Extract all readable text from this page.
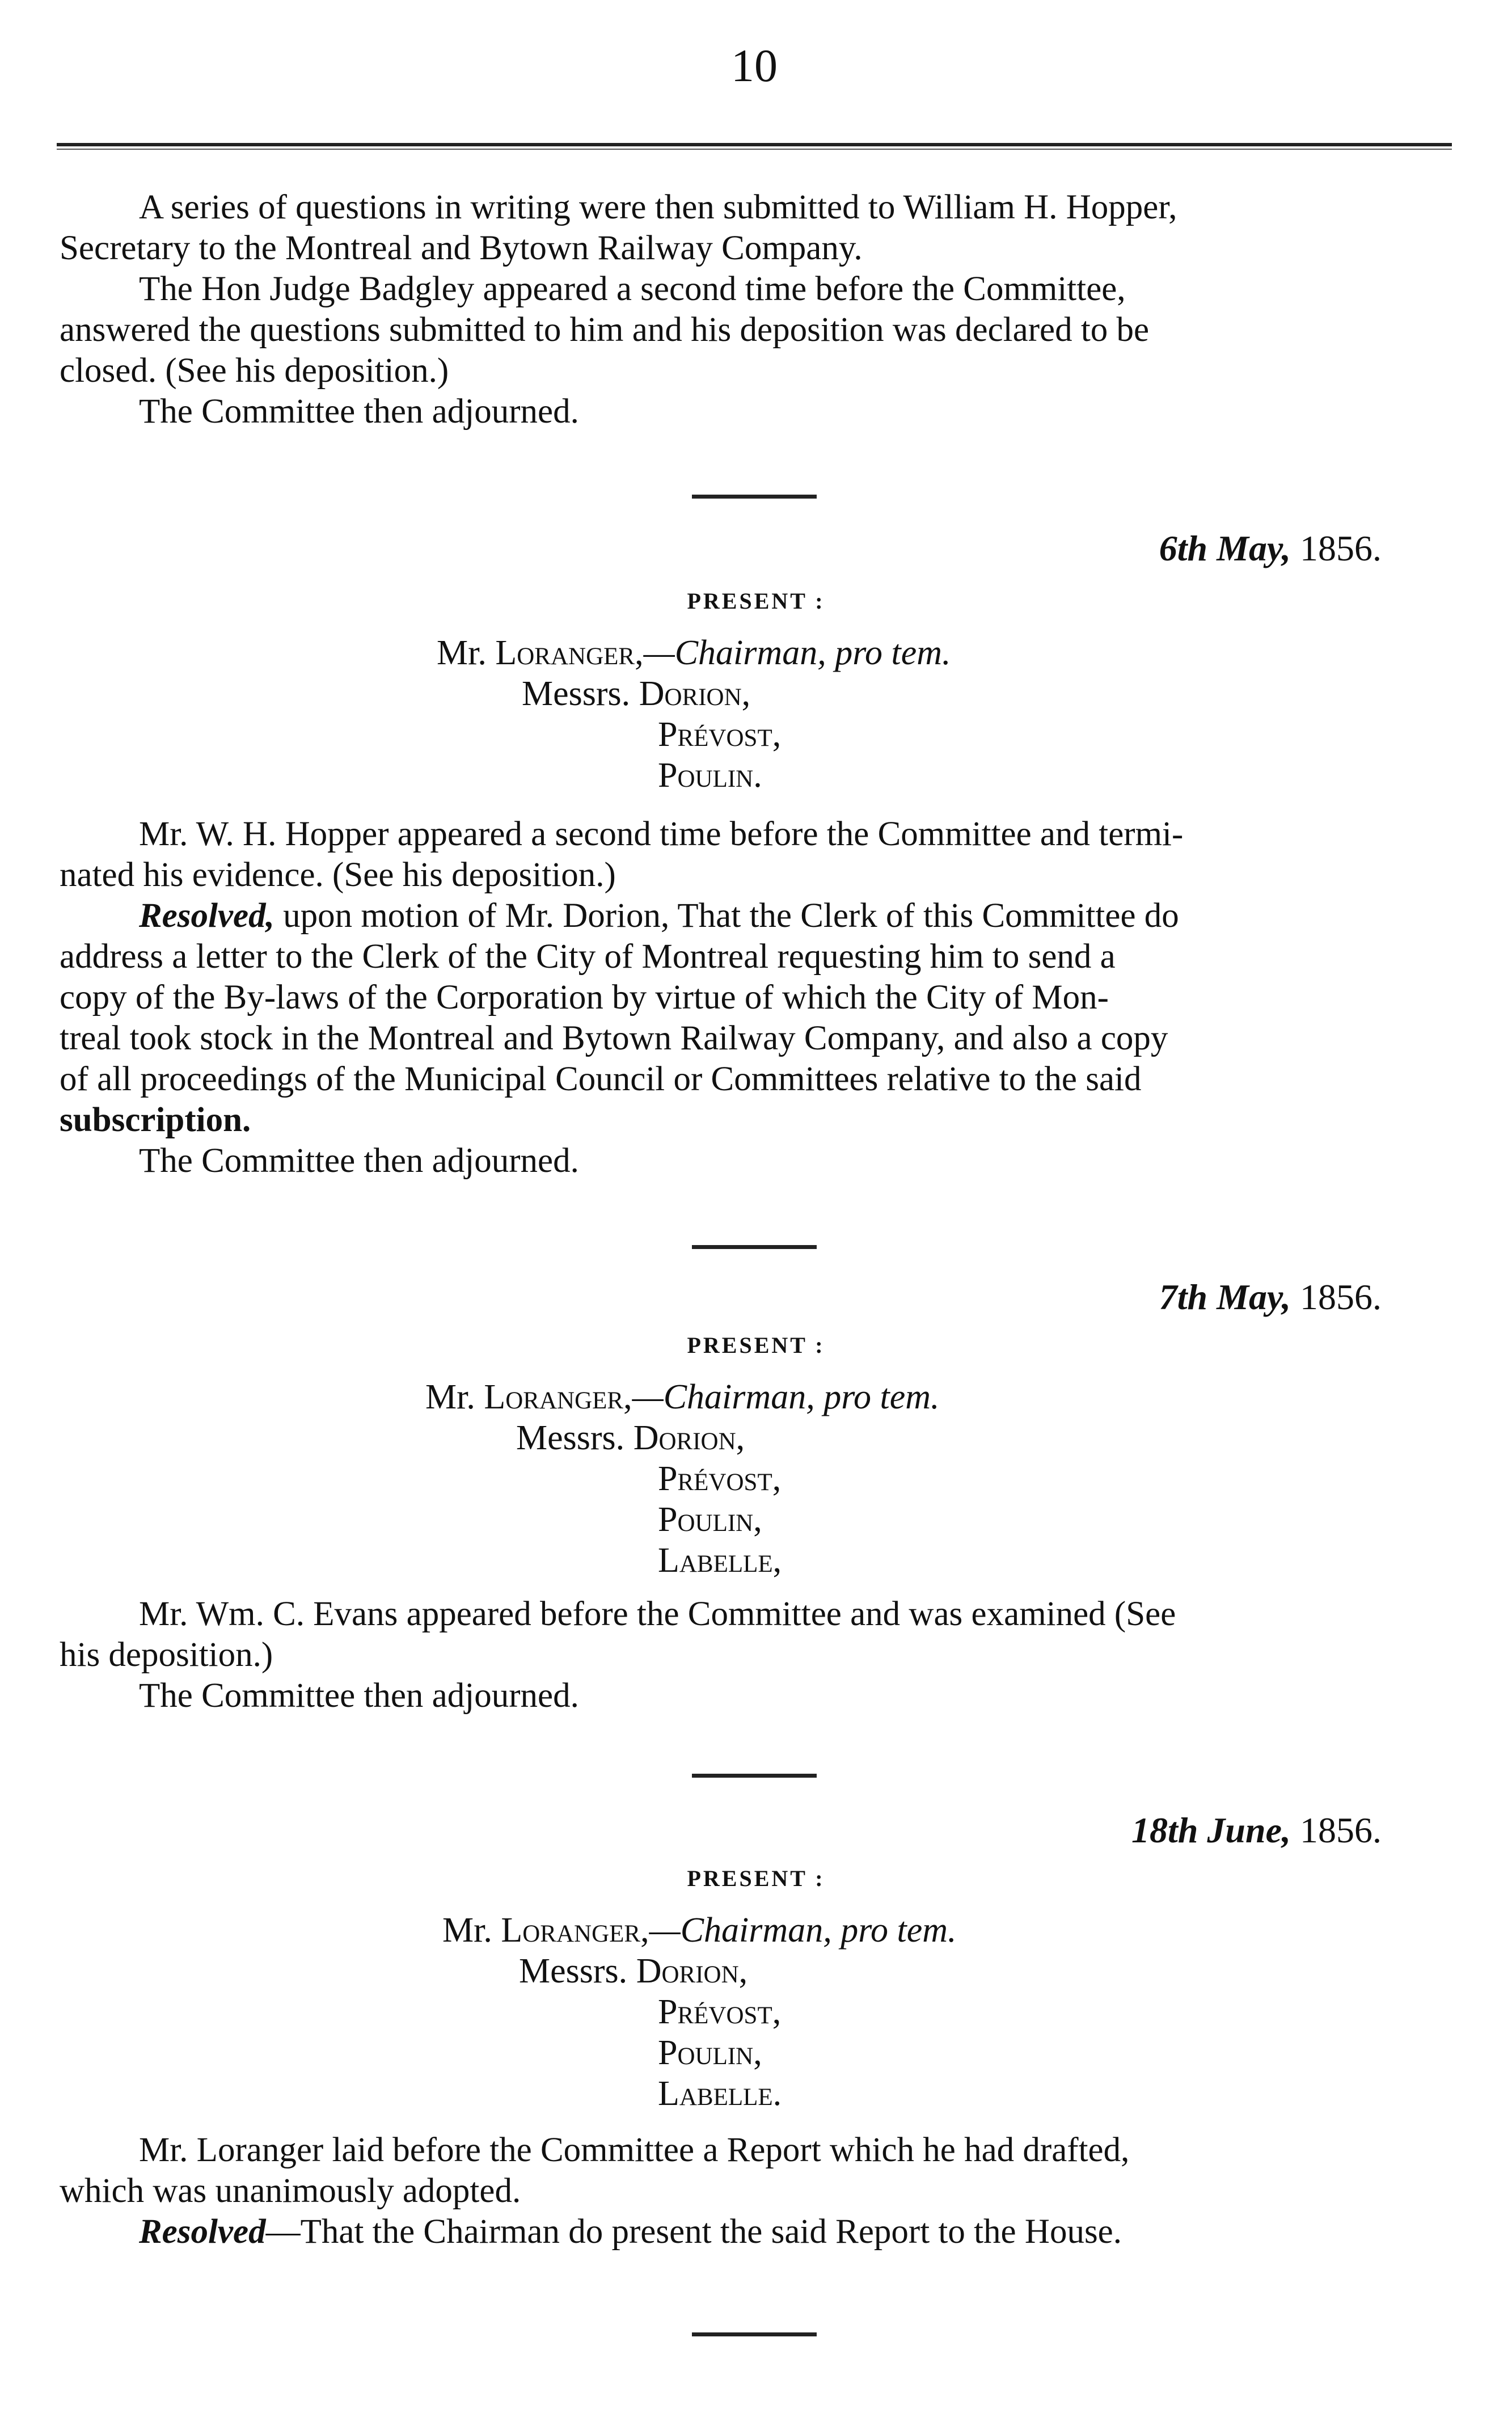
10
A series of questions in writing were then submitted to William H. Hopper,
Secretary to the Montreal and Bytown Railway Company.
The Hon Judge Badgley appeared a second time before the Committee,
answered the questions submitted to him and his deposition was declared to be
closed. (See his deposition.)
The Committee then adjourned.
6th May, 1856.
PRESENT :
Mr. Loranger,—Chairman, pro tem.
Messrs. Dorion,
Prévost,
Poulin.
Mr. W. H. Hopper appeared a second time before the Committee and termi-
nated his evidence. (See his deposition.)
Resolved, upon motion of Mr. Dorion, That the Clerk of this Committee do
address a letter to the Clerk of the City of Montreal requesting him to send a
copy of the By-laws of the Corporation by virtue of which the City of Mon-
treal took stock in the Montreal and Bytown Railway Company, and also a copy
of all proceedings of the Municipal Council or Committees relative to the said
subscription.
The Committee then adjourned.
7th May, 1856.
PRESENT :
Mr. Loranger,—Chairman, pro tem.
Messrs. Dorion,
Prévost,
Poulin,
Labelle,
Mr. Wm. C. Evans appeared before the Committee and was examined (See
his deposition.)
The Committee then adjourned.
18th June, 1856.
PRESENT :
Mr. Loranger,—Chairman, pro tem.
Messrs. Dorion,
Prévost,
Poulin,
Labelle.
Mr. Loranger laid before the Committee a Report which he had drafted,
which was unanimously adopted.
Resolved—That the Chairman do present the said Report to the House.
